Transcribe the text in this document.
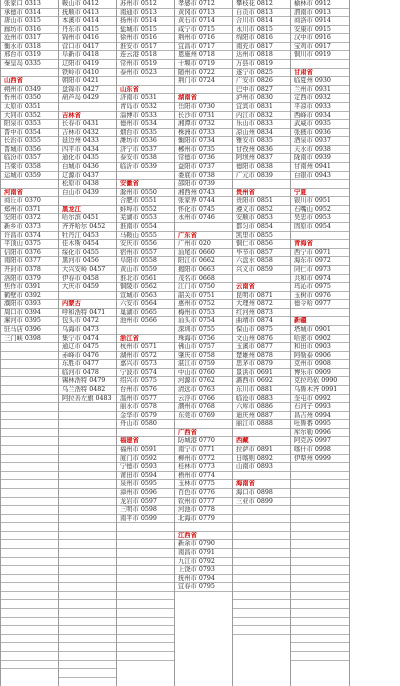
张家口 0313
承德市 0314
唐山市 0315
廊坊市 0316
沧州市 0317
衡水市 0318
邢台市 0319
秦皇岛 0335
山西省
朔州市 0349
忻州市 0350
太原市 0351
大同市 0352
阳泉市 0353
晋中市 0354
长治市 0355
晋城市 0356
临汾市 0357
吕梁市 0358
运城市 0359
河南省
商丘市 0370
郑州市 0371
安阳市 0372
新乡市 0373
许昌市 0374
平顶山 0375
信阳市 0376
南阳市 0377
开封市 0378
洛阳市 0379
焦作市 0391
鹤壁市 0392
濮阳市 0393
周口市 0394
漯河市 0395
驻马店 0396
三门峡 0398
鞍山市 0412
抚顺市 0413
本溪市 0414
丹东市 0415
锦州市 0416
营口市 0417
阜新市 0418
辽阳市 0419
铁岭市 0410
朝阳市 0421
盘锦市 0427
葫芦岛 0429
吉林省
长春市 0431
吉林市 0432
延边州 0433
四平市 0434
通化市 0435
白城市 0436
辽源市 0437
松原市 0438
白山市 0439
黑龙江
哈尔滨 0451
齐齐哈尔 0452
牡丹江 0453
佳木斯 0454
绥化市 0455
黑河市 0456
大兴安岭 0457
伊春市 0458
大庆市 0459
内蒙古
呼和浩特 0471
包头市 0472
乌海市 0473
集宁市 0474
通辽市 0475
赤峰市 0476
东胜市 0477
临河市 0478
锡林浩特 0479
乌兰浩特 0482
阿拉善左旗 0483
苏州市 0512
南通市 0513
扬州市 0514
盐城市 0515
徐州市 0516
淮安市 0517
连云港 0518
常州市 0519
泰州市 0523
山东省
济南市 0531
青岛市 0532
淄博市 0533
德州市 0534
烟台市 0535
潍坊市 0536
济宁市 0537
泰安市 0538
临沂市 0539
安徽省
滁州市 0550
合肥市 0551
蚌埠市 0552
芜湖市 0553
淮南市 0554
马鞍山 0555
安庆市 0556
宿州市 0557
阜阳市 0558
黄山市 0559
淮北市 0561
铜陵市 0562
宣城市 0563
六安市 0564
巢湖市 0565
池州市 0566
浙江省
杭州市 0571
湖州市 0572
嘉兴市 0573
宁波市 0574
绍兴市 0575
台州市 0576
温州市 0577
丽水市 0578
金华市 0579
舟山市 0580
福建省
福州市 0591
厦门市 0592
宁德市 0593
莆田市 0594
泉州市 0595
漳州市 0596
龙岩市 0597
三明市 0598
南平市 0599
孝感市 0712
黄冈市 0713
黄石市 0714
咸宁市 0715
荆州市 0716
宜昌市 0717
恩施州 0718
十堰市 0719
随州市 0722
荆门市 0724
湖南省
岳阳市 0730
长沙市 0731
湘潭市 0732
株洲市 0733
衡阳市 0734
郴州市 0735
常德市 0736
益阳市 0737
娄底市 0738
邵阳市 0739
湘西州 0743
张家界 0744
怀化市 0745
永州市 0746
广东省
广州市 020
汕尾市 0660
阳江市 0662
揭阳市 0663
茂名市 0668
江门市 0750
韶关市 0751
惠州市 0752
梅州市 0753
汕头市 0754
深圳市 0755
珠海市 0756
佛山市 0757
肇庆市 0758
湛江市 0759
中山市 0760
河源市 0762
清远市 0763
云浮市 0766
潮州市 0768
东莞市 0769
广西省
防城港 0770
南宁市 0771
柳州市 0772
桂林市 0773
梧州市 0774
玉林市 0775
百色市 0776
钦州市 0777
河池市 0778
北海市 0779
江西省
新余市 0790
南昌市 0791
九江市 0792
上饶市 0793
抚州市 0794
宜春市 0795
攀枝花 0812
自贡市 0813
合川市 0814
永川市 0815
绵阳市 0816
南充市 0817
达州市 0818
万县市 0819
遂宁市 0825
广安市 0826
巴中市 0827
泸州市 0830
宜宾市 0831
内江市 0832
乐山市 0833
凉山州 0834
雅安市 0835
甘孜州 0836
阿坝州 0837
德阳市 0838
广元市 0839
贵州省
贵阳市 0851
遵义市 0852
安顺市 0853
都匀市 0854
凯里市 0855
铜仁市 0856
毕节市 0857
六盘水 0858
兴义市 0859
云南省
昆明市 0871
大理州 0872
红河州 0873
曲靖市 0874
保山市 0875
文山州 0876
玉溪市 0877
楚雄州 0878
思茅市 0879
景洪市 0691
潞西市 0692
东川市 0881
临沧市 0883
六库市 0886
迪庆州 0887
丽江市 0888
西藏
拉萨市 0891
日喀则 0892
山南市 0893
海南省
海口市 0898
三亚市 0899
榆林市 0912
渭南市 0913
商洛市 0914
安康市 0915
汉中市 0916
宝鸡市 0917
铜川市 0919
甘肃省
临夏州 0930
兰州市 0931
定西市 0932
平凉市 0933
西峰市 0934
武威市 0935
张掖市 0936
酒泉市 0937
天水市 0938
陇南市 0939
甘南州 0941
白银市 0943
宁夏
银川市 0951
石嘴山 0952
吴忠市 0953
固原市 0954
青海省
西宁市 0971
海东市 0972
同仁市 0973
共和市 0974
玛沁市 0975
玉树市 0976
德令哈 0977
新疆
塔城市 0901
哈密市 0902
和田市 0903
阿勒泰 0906
克州市 0908
博乐市 0909
克拉玛依 0990
乌鲁木齐 0991
奎屯市 0992
石河子 0993
昌吉州 0994
吐鲁番 0995
库尔勒 0996
阿克苏 0997
喀什市 0998
伊犁州 0999
